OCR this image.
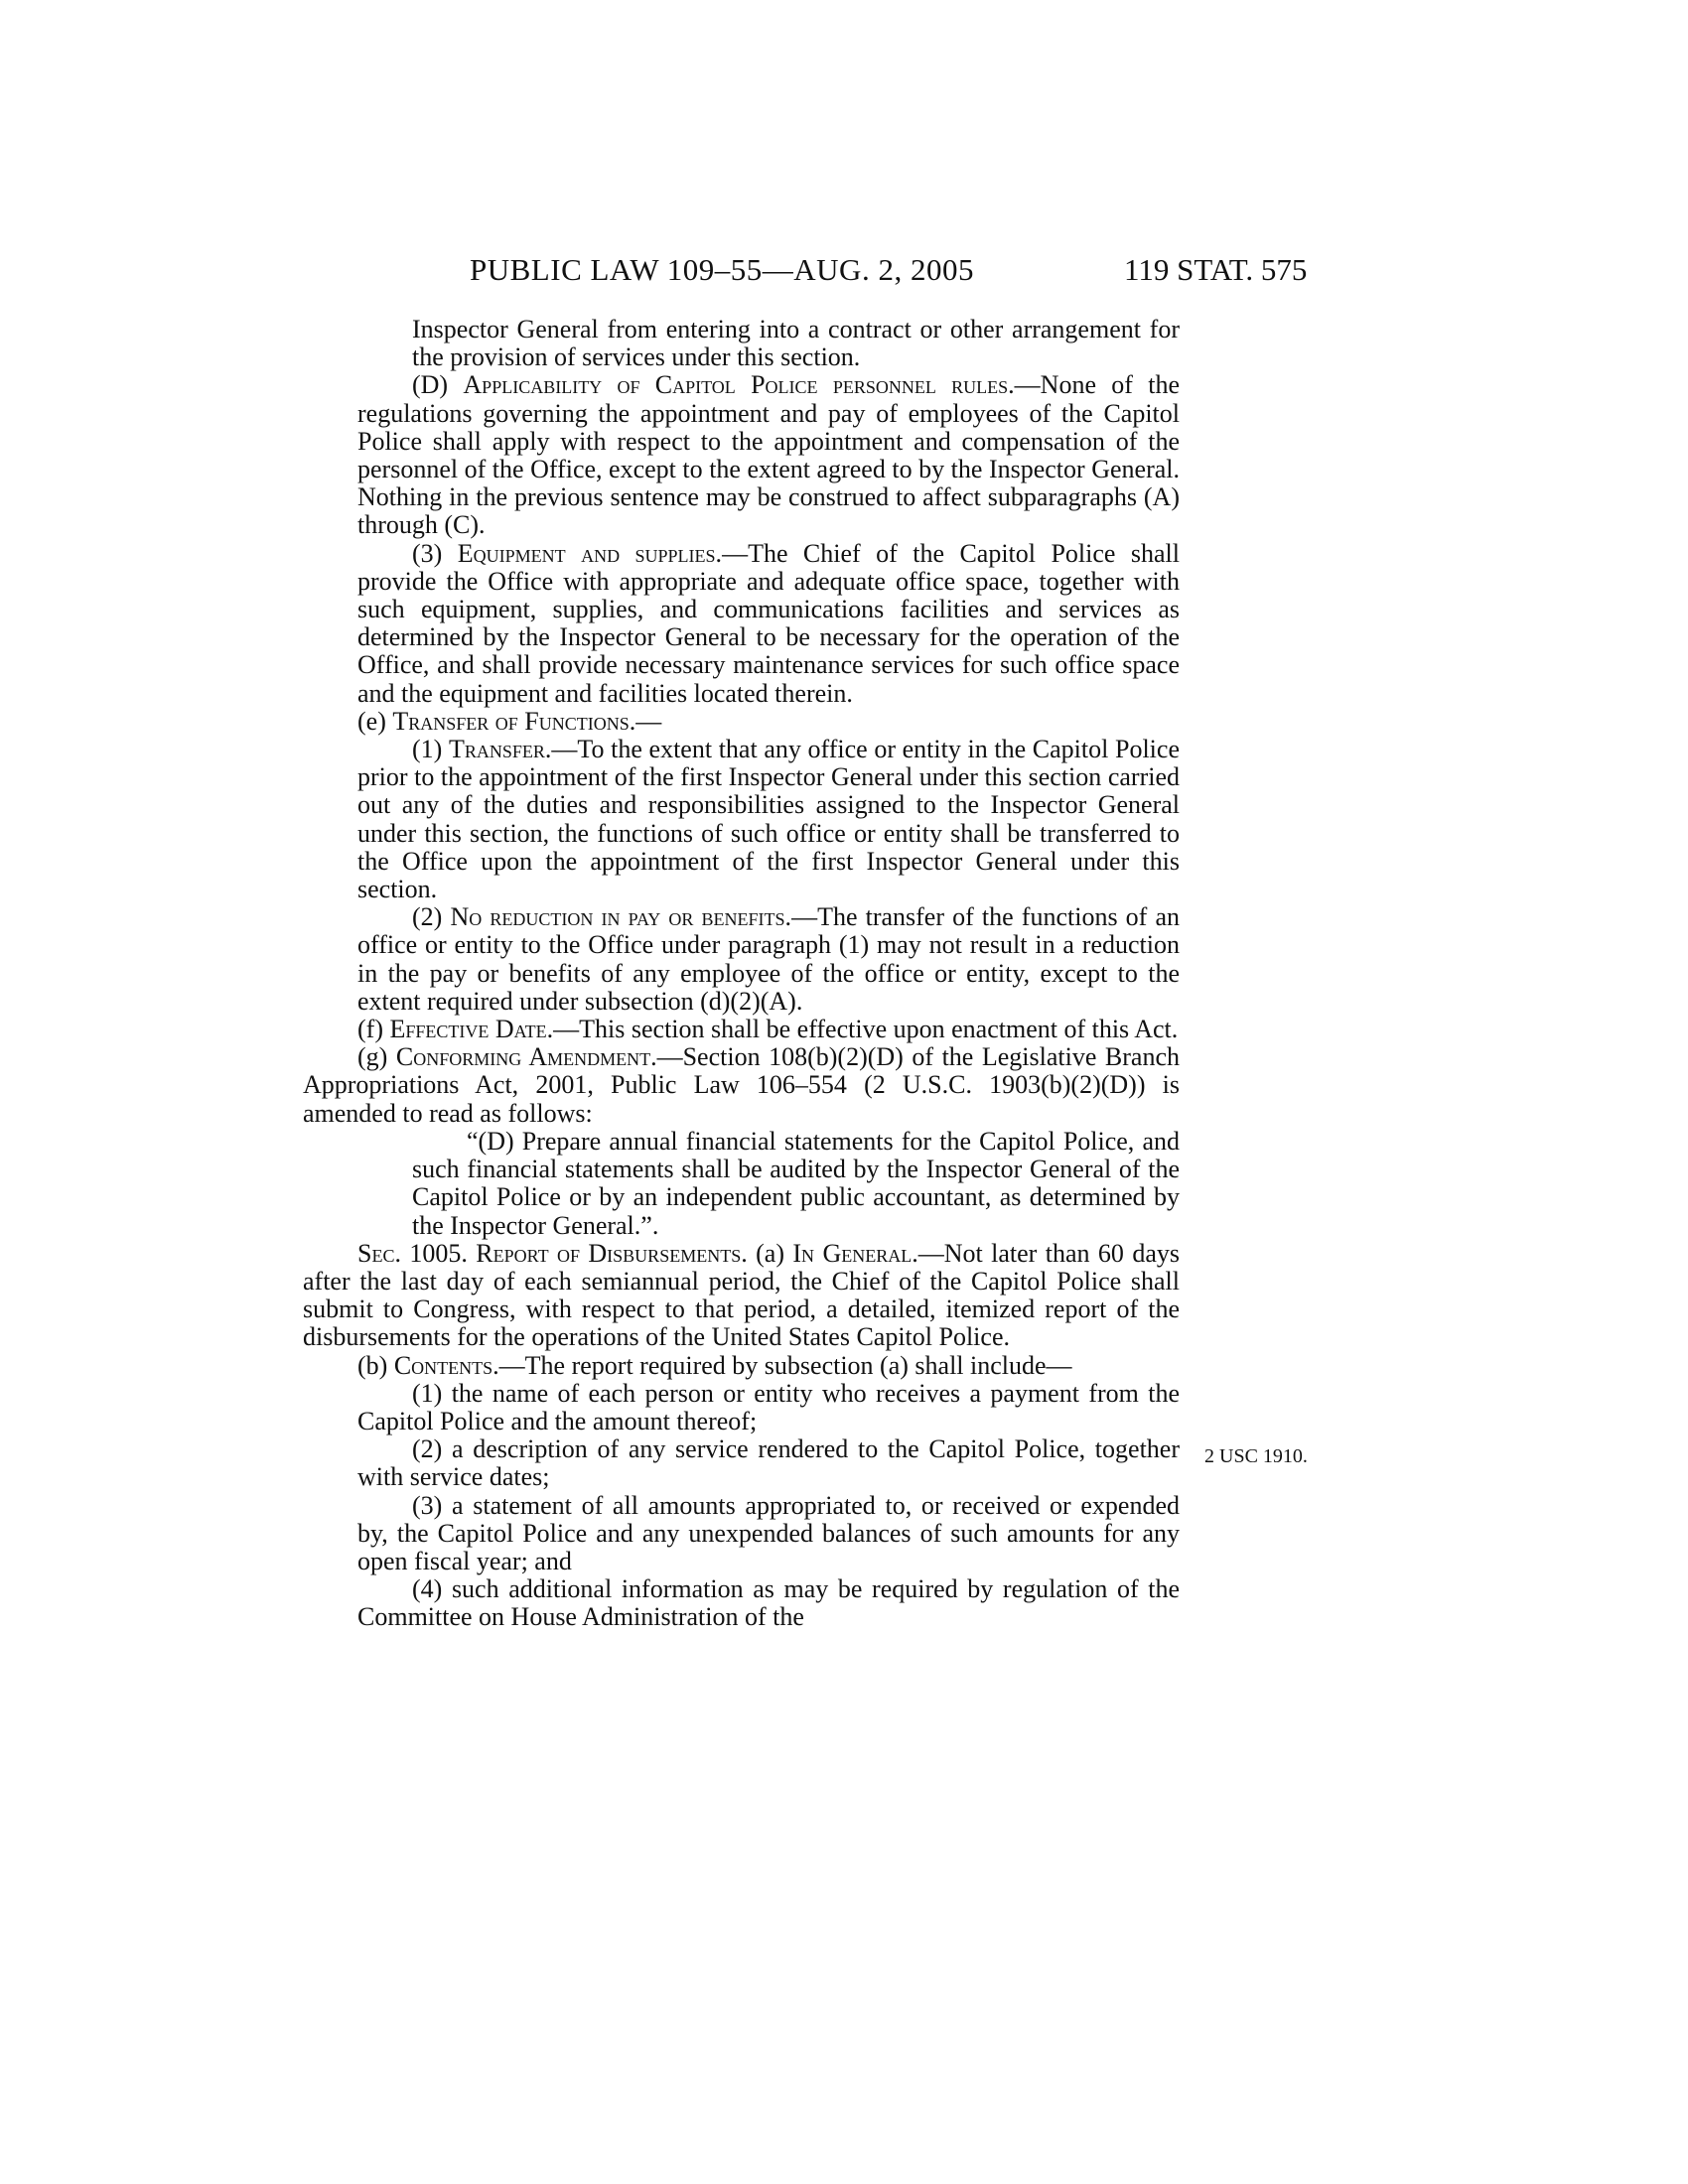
PUBLIC LAW 109–55—AUG. 2, 2005	119 STAT. 575
2 USC 1910.

Inspector General from entering into a contract or other arrangement for the provision of services under this section.

(D) Applicability of Capitol Police personnel rules.—None of the regulations governing the appointment and pay of employees of the Capitol Police shall apply with respect to the appointment and compensation of the personnel of the Office, except to the extent agreed to by the Inspector General. Nothing in the previous sentence may be construed to affect subparagraphs (A) through (C).

(3) Equipment and supplies.—The Chief of the Capitol Police shall provide the Office with appropriate and adequate office space, together with such equipment, supplies, and communications facilities and services as determined by the Inspector General to be necessary for the operation of the Office, and shall provide necessary maintenance services for such office space and the equipment and facilities located therein.

(e) Transfer of Functions.—

(1) Transfer.—To the extent that any office or entity in the Capitol Police prior to the appointment of the first Inspector General under this section carried out any of the duties and responsibilities assigned to the Inspector General under this section, the functions of such office or entity shall be transferred to the Office upon the appointment of the first Inspector General under this section.

(2) No reduction in pay or benefits.—The transfer of the functions of an office or entity to the Office under paragraph (1) may not result in a reduction in the pay or benefits of any employee of the office or entity, except to the extent required under subsection (d)(2)(A).

(f) Effective Date.—This section shall be effective upon enactment of this Act.

(g) Conforming Amendment.—Section 108(b)(2)(D) of the Legislative Branch Appropriations Act, 2001, Public Law 106–554 (2 U.S.C. 1903(b)(2)(D)) is amended to read as follows:

“(D) Prepare annual financial statements for the Capitol Police, and such financial statements shall be audited by the Inspector General of the Capitol Police or by an independent public accountant, as determined by the Inspector General.”.

Sec. 1005. Report of Disbursements. (a) In General.—Not later than 60 days after the last day of each semiannual period, the Chief of the Capitol Police shall submit to Congress, with respect to that period, a detailed, itemized report of the disbursements for the operations of the United States Capitol Police.

(b) Contents.—The report required by subsection (a) shall include—

(1) the name of each person or entity who receives a payment from the Capitol Police and the amount thereof;

(2) a description of any service rendered to the Capitol Police, together with service dates;

(3) a statement of all amounts appropriated to, or received or expended by, the Capitol Police and any unexpended balances of such amounts for any open fiscal year; and

(4) such additional information as may be required by regulation of the Committee on House Administration of the
